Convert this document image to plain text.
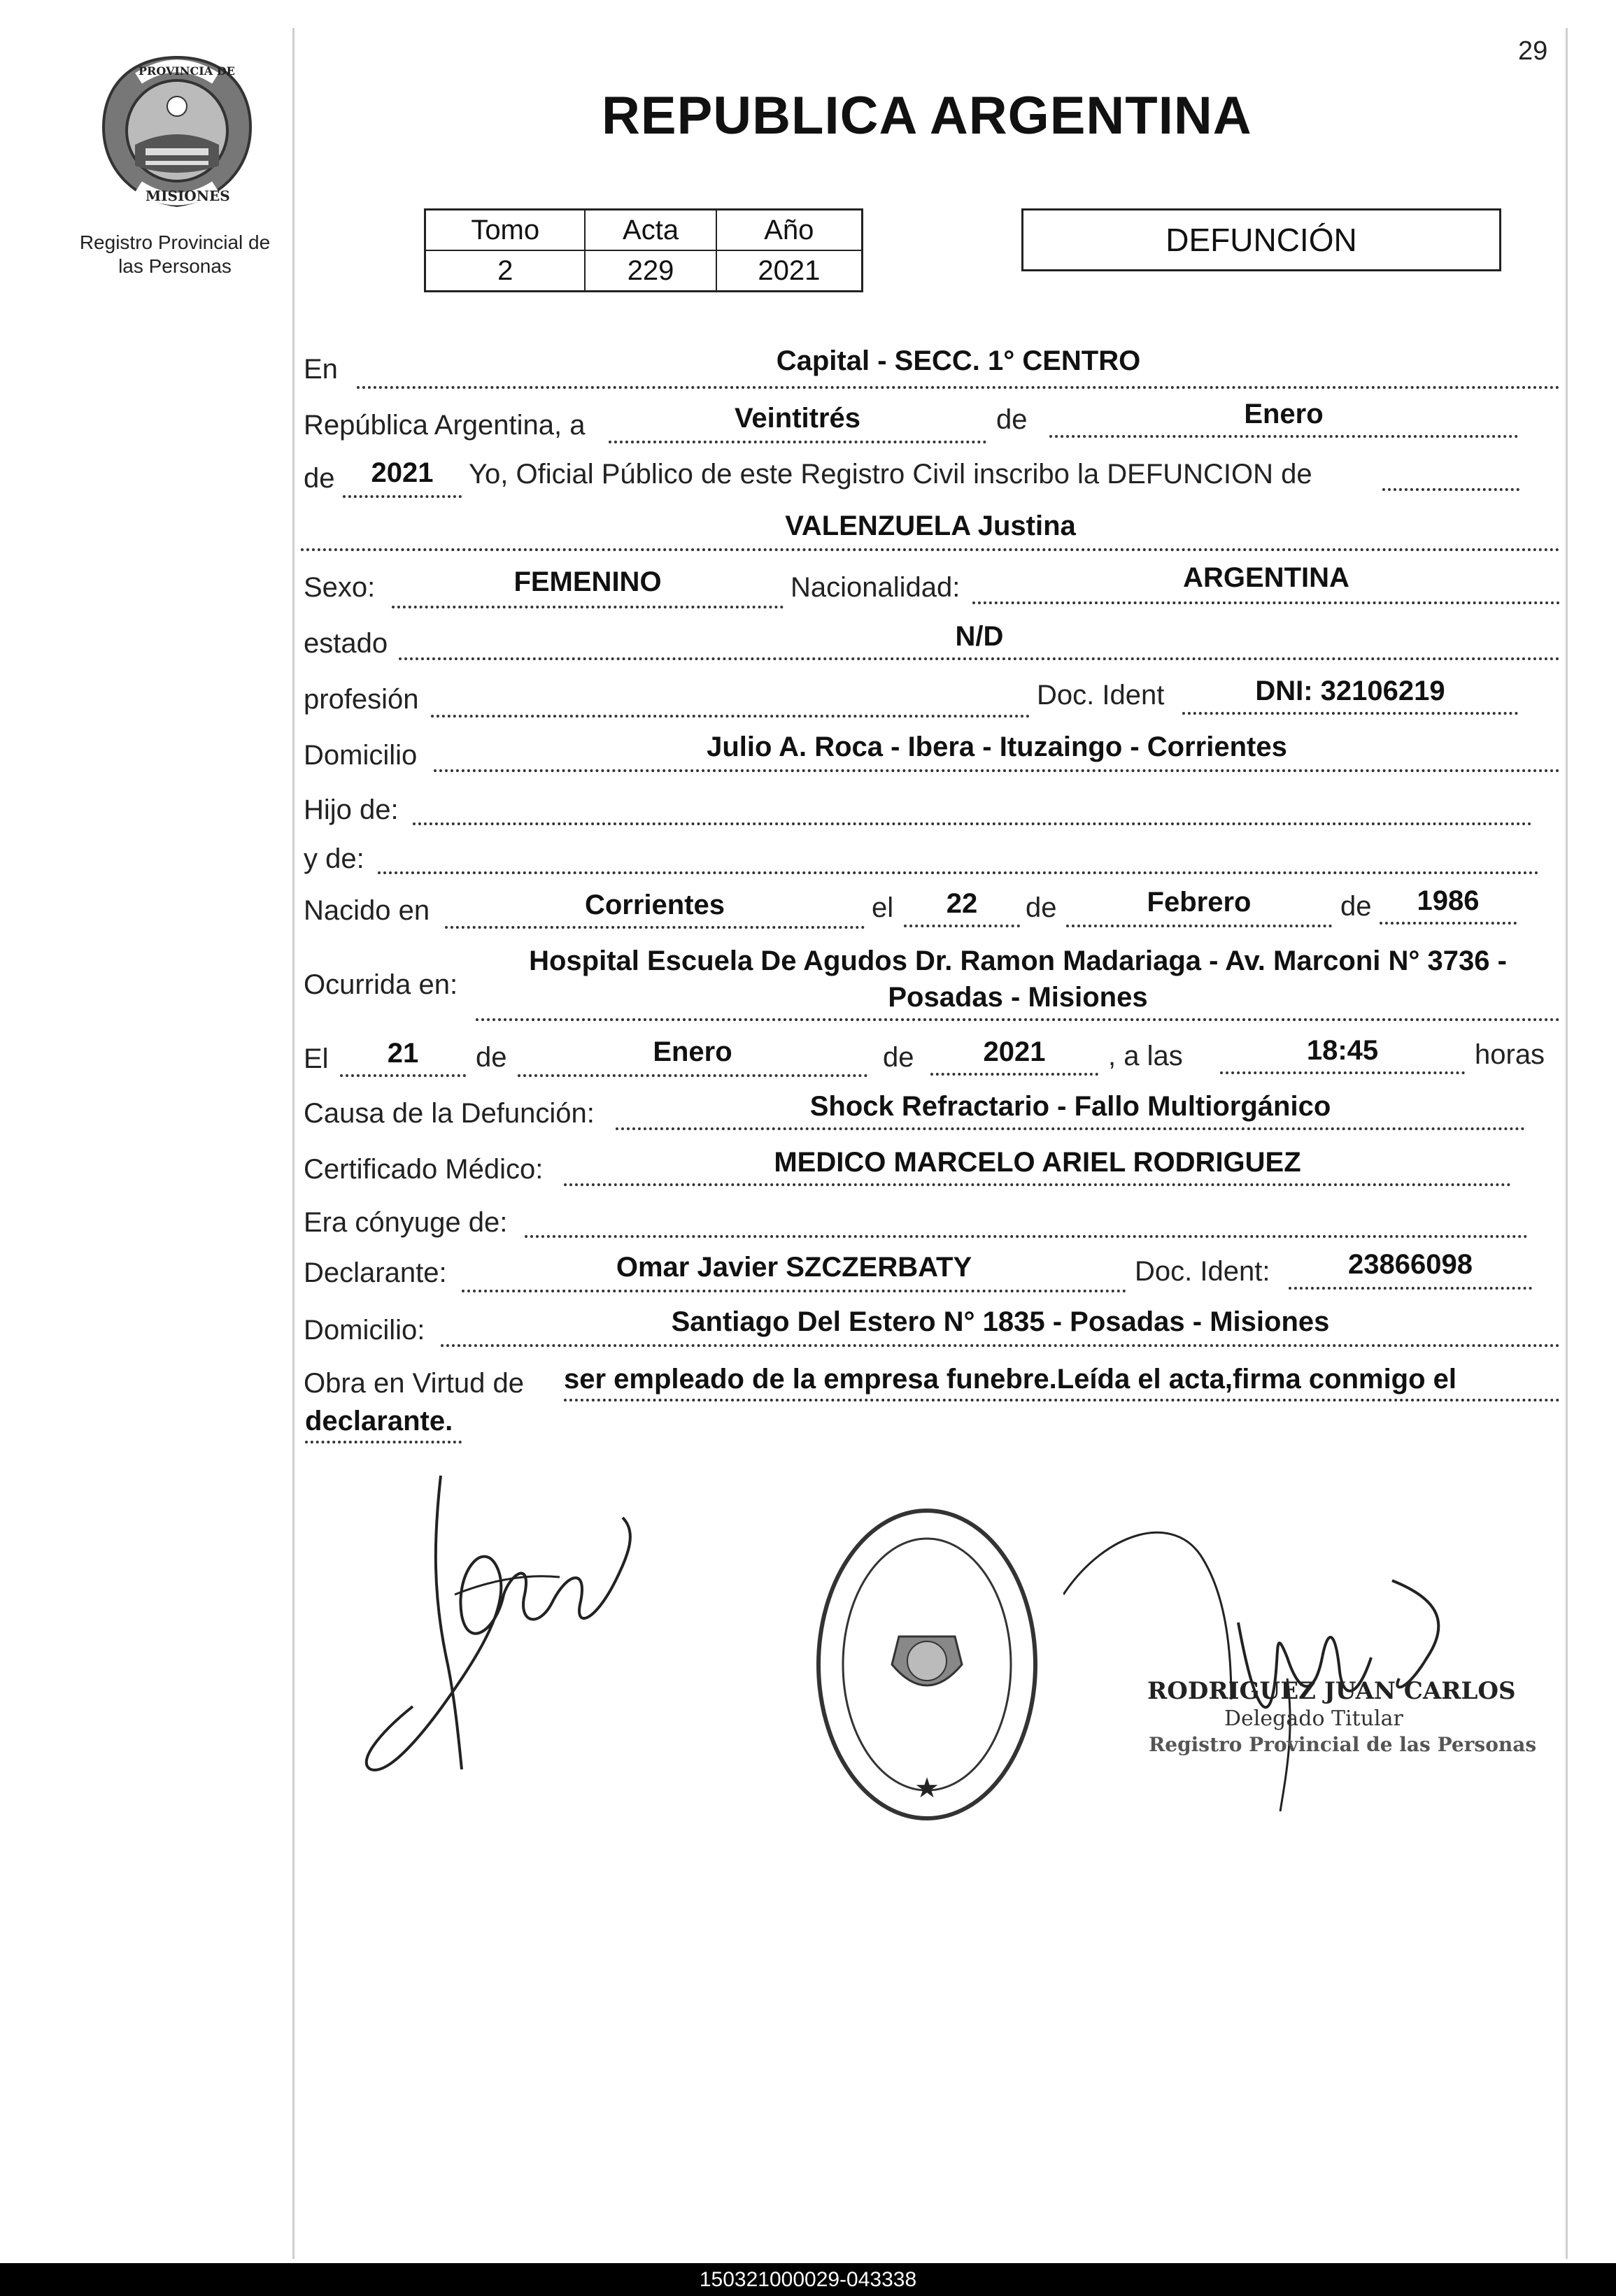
29
PROVINCIA DE
MISIONES
Registro Provincial de
las Personas
REPUBLICA ARGENTINA
Tomo	Acta	Año
2	229	2021
DEFUNCIÓN
En	Capital - SECC. 1° CENTRO
República Argentina, a	Veintitrés	de	Enero
de	2021	Yo, Oficial Público de este Registro Civil inscribo la DEFUNCION de
VALENZUELA Justina
Sexo:	FEMENINO	Nacionalidad:	ARGENTINA
estado	N/D
profesión	Doc. Ident	DNI: 32106219
Domicilio	Julio A. Roca - Ibera - Ituzaingo - Corrientes
Hijo de:
y de:
Nacido en	Corrientes	el	22	de	Febrero	de	1986
Ocurrida en:
Hospital Escuela De Agudos Dr. Ramon Madariaga - Av. Marconi N° 3736 -
Posadas - Misiones
El	21	de	Enero	de	2021	, a las	18:45	horas
Causa de la Defunción:	Shock Refractario - Fallo Multiorgánico
Certificado Médico:	MEDICO MARCELO ARIEL RODRIGUEZ
Era cónyuge de:
Declarante:	Omar Javier SZCZERBATY	Doc. Ident:	23866098
Domicilio:	Santiago Del Estero N° 1835 - Posadas - Misiones
Obra en Virtud de ser empleado de la empresa funebre.Leída el acta,firma conmigo el
declarante.
★
RODRIGUEZ JUAN CARLOS
Delegado Titular
Registro Provincial de las Personas
150321000029-043338
